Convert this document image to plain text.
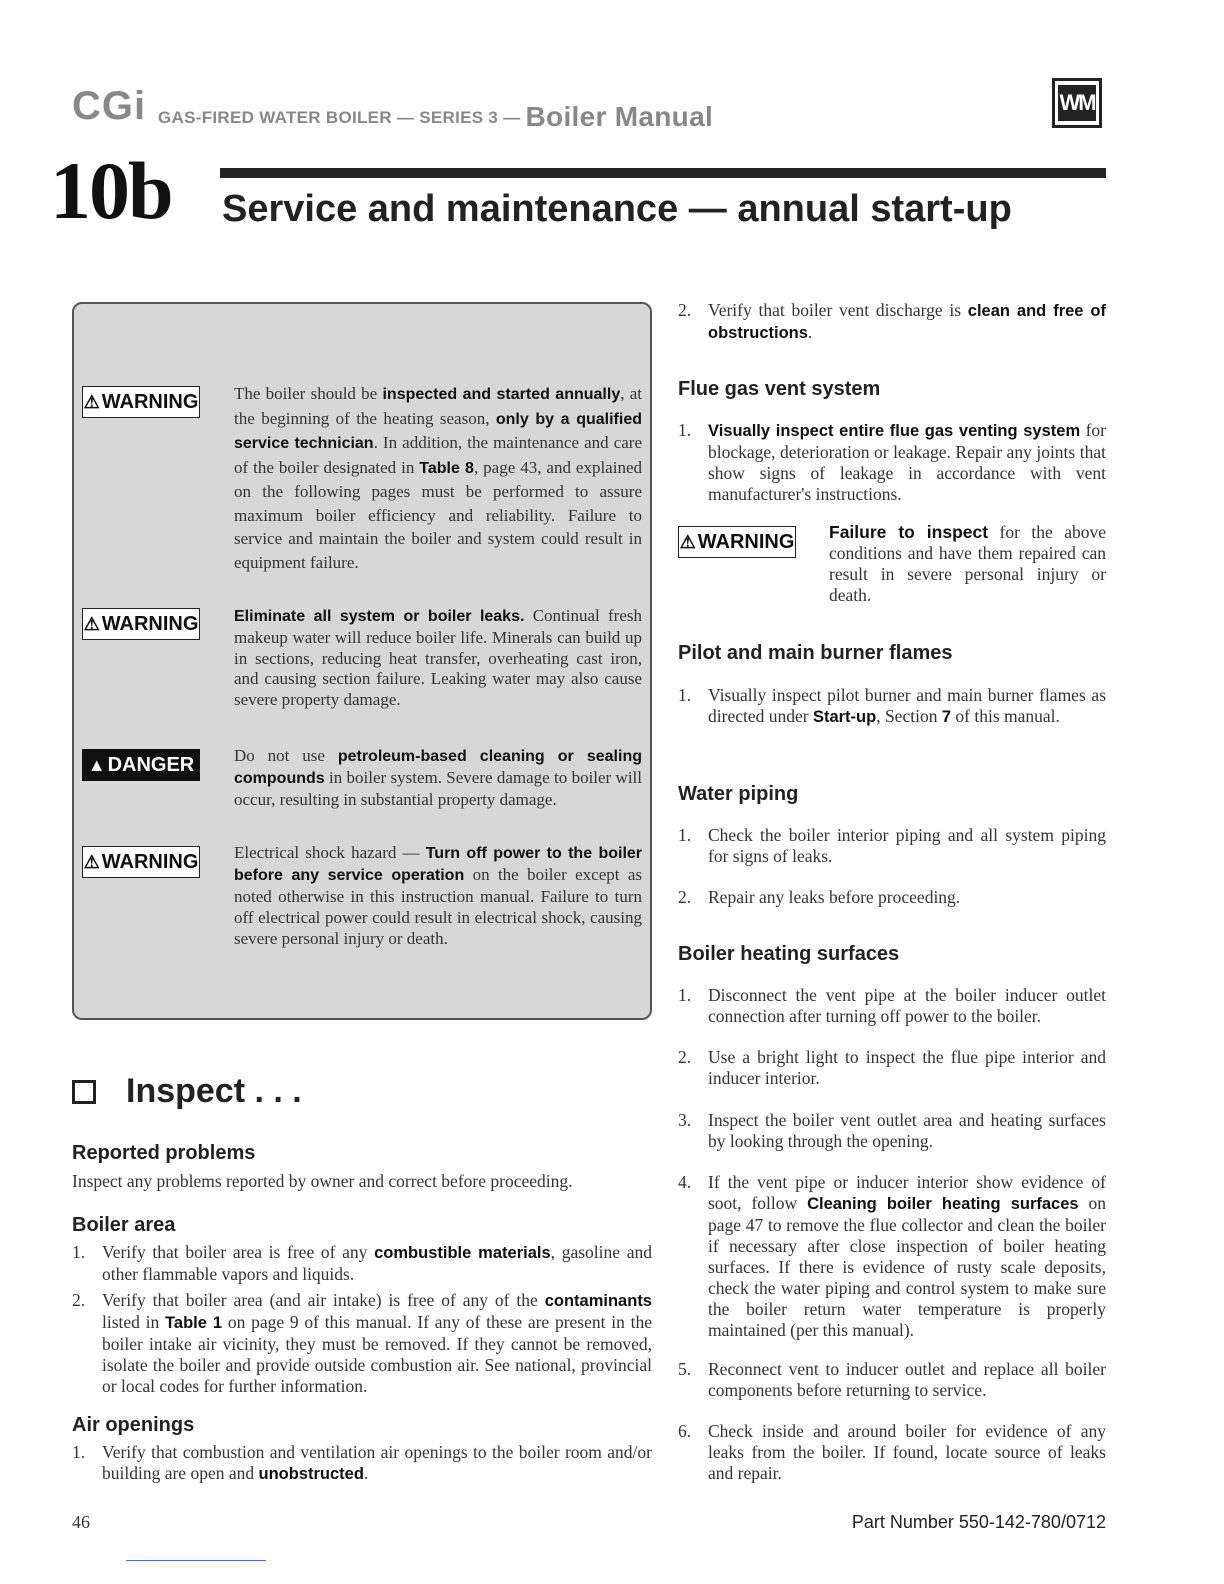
CGi GAS-FIRED WATER BOILER — SERIES 3 — Boiler Manual	WM
10b Service and maintenance — annual start-up
⚠ WARNING The boiler should be inspected and started annually, at the beginning of the heating season, only by a qualified service technician. In addition, the maintenance and care of the boiler designated in Table 8, page 43, and explained on the following pages must be performed to assure maximum boiler efficiency and reliability. Failure to service and maintain the boiler and system could result in equipment failure.
⚠ WARNING Eliminate all system or boiler leaks. Continual fresh makeup water will reduce boiler life. Minerals can build up in sections, reducing heat transfer, overheating cast iron, and causing section failure. Leaking water may also cause severe property damage.
▲ DANGER Do not use petroleum-based cleaning or sealing compounds in boiler system. Severe damage to boiler will occur, resulting in substantial property damage.
⚠ WARNING Electrical shock hazard — Turn off power to the boiler before any service operation on the boiler except as noted otherwise in this instruction manual. Failure to turn off electrical power could result in electrical shock, causing severe personal injury or death.
Inspect . . .
Reported problems
Inspect any problems reported by owner and correct before proceeding.
Boiler area
1. Verify that boiler area is free of any combustible materials, gasoline and other flammable vapors and liquids.
2. Verify that boiler area (and air intake) is free of any of the contaminants listed in Table 1 on page 9 of this manual. If any of these are present in the boiler intake air vicinity, they must be removed. If they cannot be removed, isolate the boiler and provide outside combustion air. See national, provincial or local codes for further information.
Air openings
1. Verify that combustion and ventilation air openings to the boiler room and/or building are open and unobstructed.
2. Verify that boiler vent discharge is clean and free of obstructions.
Flue gas vent system
1. Visually inspect entire flue gas venting system for blockage, deterioration or leakage. Repair any joints that show signs of leakage in accordance with vent manufacturer's instructions.
⚠ WARNING Failure to inspect for the above conditions and have them repaired can result in severe personal injury or death.
Pilot and main burner flames
1. Visually inspect pilot burner and main burner flames as directed under Start-up, Section 7 of this manual.
Water piping
1. Check the boiler interior piping and all system piping for signs of leaks.
2. Repair any leaks before proceeding.
Boiler heating surfaces
1. Disconnect the vent pipe at the boiler inducer outlet connection after turning off power to the boiler.
2. Use a bright light to inspect the flue pipe interior and inducer interior.
3. Inspect the boiler vent outlet area and heating surfaces by looking through the opening.
4. If the vent pipe or inducer interior show evidence of soot, follow Cleaning boiler heating surfaces on page 47 to remove the flue collector and clean the boiler if necessary after close inspection of boiler heating surfaces. If there is evidence of rusty scale deposits, check the water piping and control system to make sure the boiler return water temperature is properly maintained (per this manual).
5. Reconnect vent to inducer outlet and replace all boiler components before returning to service.
6. Check inside and around boiler for evidence of any leaks from the boiler. If found, locate source of leaks and repair.
46	Part Number 550-142-780/0712
